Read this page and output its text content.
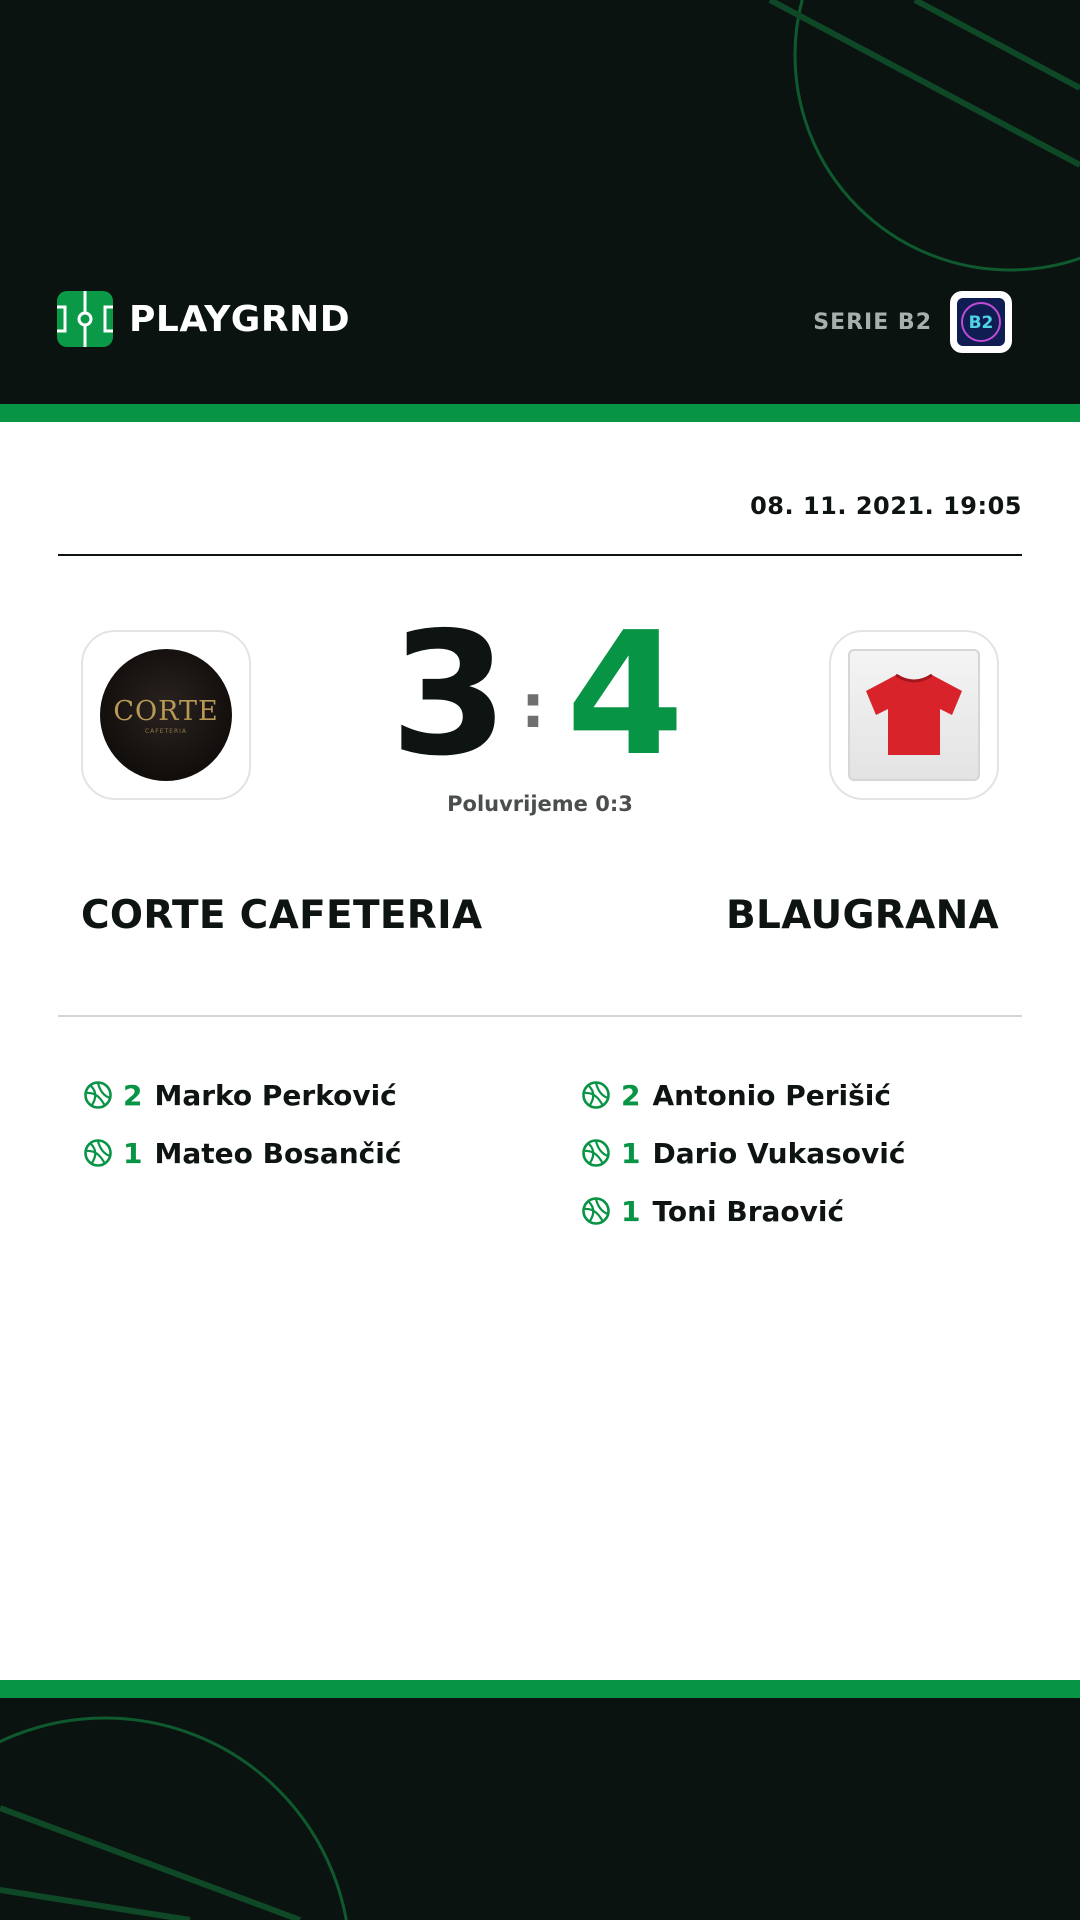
PLAYGRND	SERIE B2 B2
08. 11. 2021. 19:05
CORTE
CAFETERIA 3 : 4
Poluvrijeme 0:3
CORTE CAFETERIA	BLAUGRANA
2 Marko Perković
1 Mateo Bosančić
2 Antonio Perišić
1 Dario Vukasović
1 Toni Braović
